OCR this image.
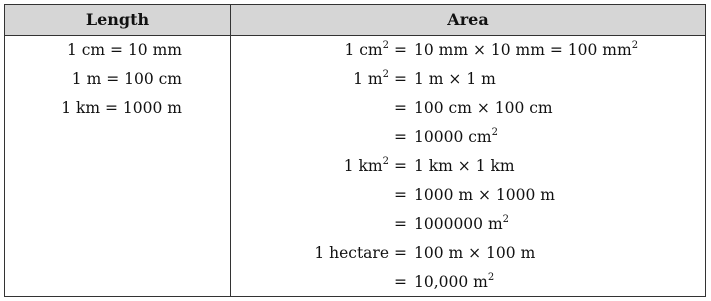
Length	Area
1 cm = 10 mm
1 m = 100 cm
1 km = 1000 m
1 $cm^2 = 10$ mm × 10 mm = 100 $mm^2$
1 $m^2 = 1$ m × 1 m
= 100 cm × 100 cm
= 10000 $cm^2$
1 $km^2 = 1$ km × 1 km
= 1000 m × 1000 m
= 1000000 $m^2$
1 hectare = 100 m × 100 m
= 10,000 $m^2$
